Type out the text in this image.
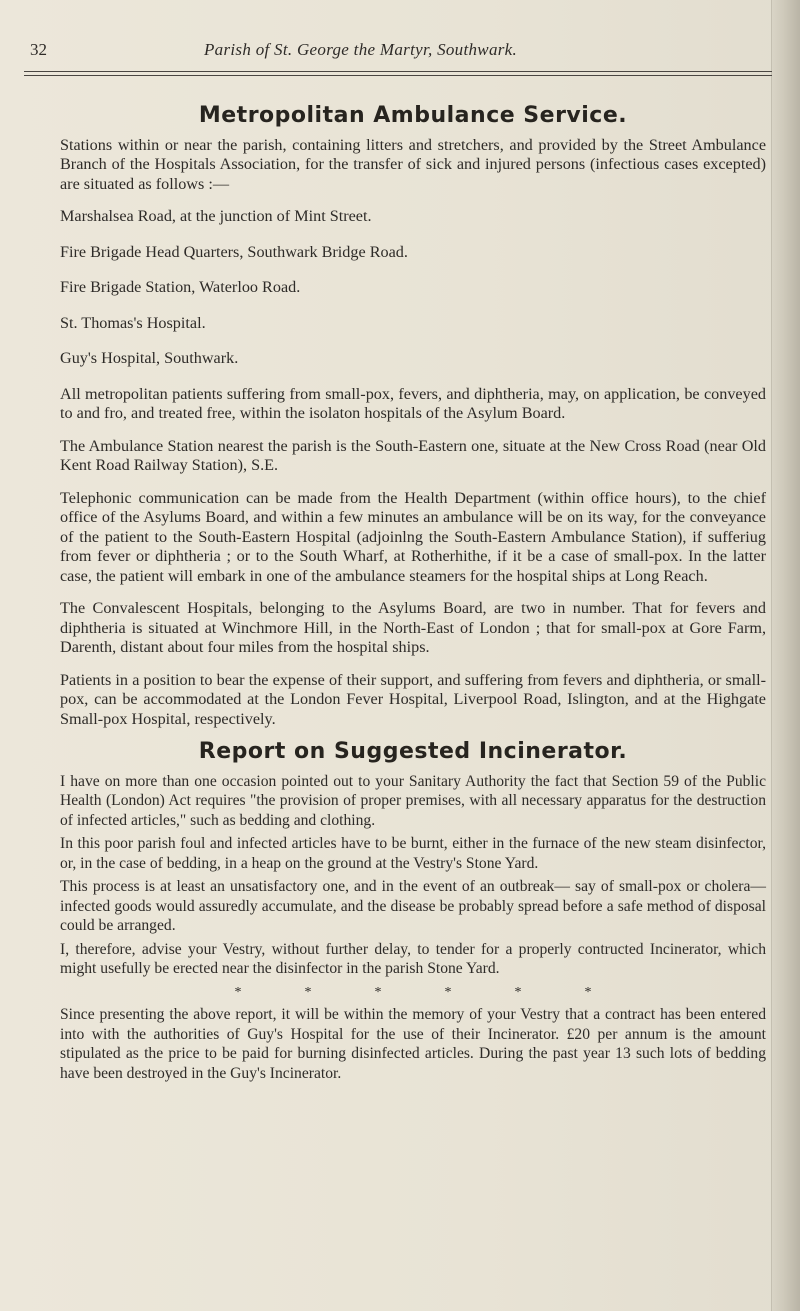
32	Parish of St. George the Martyr, Southwark.
Metropolitan Ambulance Service.

Stations within or near the parish, containing litters and stretchers, and provided by the Street Ambulance Branch of the Hospitals Association, for the transfer of sick and injured persons (infectious cases excepted) are situated as follows :—

Marshalsea Road, at the junction of Mint Street.
Fire Brigade Head Quarters, Southwark Bridge Road.
Fire Brigade Station, Waterloo Road.
St. Thomas's Hospital.
Guy's Hospital, Southwark.

All metropolitan patients suffering from small-pox, fevers, and diphtheria, may, on application, be conveyed to and fro, and treated free, within the isolaton hospitals of the Asylum Board.

The Ambulance Station nearest the parish is the South-Eastern one, situate at the New Cross Road (near Old Kent Road Railway Station), S.E.

Telephonic communication can be made from the Health Department (within office hours), to the chief office of the Asylums Board, and within a few minutes an ambulance will be on its way, for the conveyance of the patient to the South-Eastern Hospital (adjoinlng the South-Eastern Ambulance Station), if sufferiug from fever or diphtheria ; or to the South Wharf, at Rotherhithe, if it be a case of small-pox. In the latter case, the patient will embark in one of the ambulance steamers for the hospital ships at Long Reach.

The Convalescent Hospitals, belonging to the Asylums Board, are two in number. That for fevers and diphtheria is situated at Winchmore Hill, in the North-East of London ; that for small-pox at Gore Farm, Darenth, distant about four miles from the hospital ships.

Patients in a position to bear the expense of their support, and suffering from fevers and diphtheria, or small-pox, can be accommodated at the London Fever Hospital, Liverpool Road, Islington, and at the Highgate Small-pox Hospital, respectively.

Report on Suggested Incinerator.

I have on more than one occasion pointed out to your Sanitary Authority the fact that Section 59 of the Public Health (London) Act requires "the provision of proper premises, with all necessary apparatus for the destruction of infected articles," such as bedding and clothing.

In this poor parish foul and infected articles have to be burnt, either in the furnace of the new steam disinfector, or, in the case of bedding, in a heap on the ground at the Vestry's Stone Yard.

This process is at least an unsatisfactory one, and in the event of an outbreak— say of small-pox or cholera—infected goods would assuredly accumulate, and the disease be probably spread before a safe method of disposal could be arranged.

I, therefore, advise your Vestry, without further delay, to tender for a properly contructed Incinerator, which might usefully be erected near the disinfector in the parish Stone Yard.

*	*	*	*	*	*

Since presenting the above report, it will be within the memory of your Vestry that a contract has been entered into with the authorities of Guy's Hospital for the use of their Incinerator. £20 per annum is the amount stipulated as the price to be paid for burning disinfected articles. During the past year 13 such lots of bedding have been destroyed in the Guy's Incinerator.
